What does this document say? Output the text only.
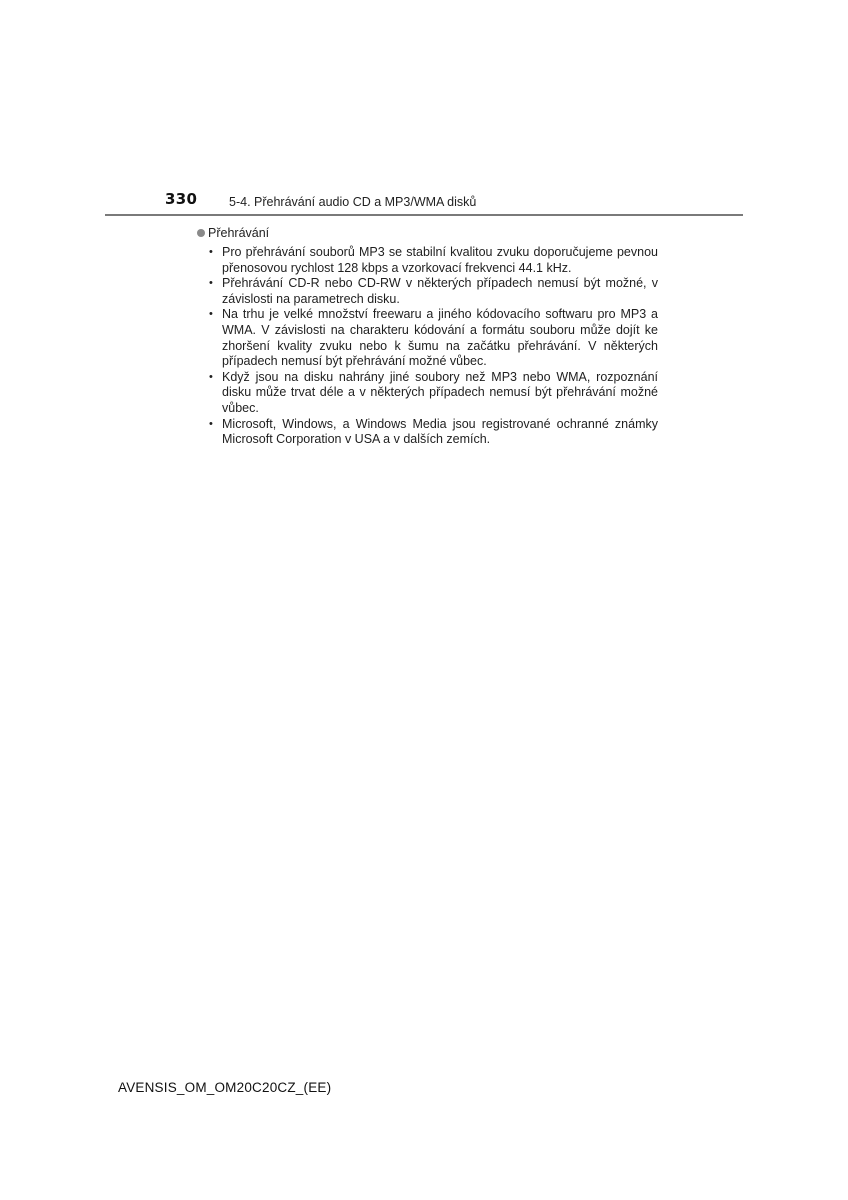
330	5-4. Přehrávání audio CD a MP3/WMA disků
Přehrávání
• Pro přehrávání souborů MP3 se stabilní kvalitou zvuku doporučujeme pevnou přenosovou rychlost 128 kbps a vzorkovací frekvenci 44.1 kHz.
• Přehrávání CD-R nebo CD-RW v některých případech nemusí být možné, v závislosti na parametrech disku.
• Na trhu je velké množství freewaru a jiného kódovacího softwaru pro MP3 a WMA. V závislosti na charakteru kódování a formátu souboru může dojít ke zhoršení kvality zvuku nebo k šumu na začátku přehrávání. V některých případech nemusí být přehrávání možné vůbec.
• Když jsou na disku nahrány jiné soubory než MP3 nebo WMA, rozpoznání disku může trvat déle a v některých případech nemusí být přehrávání možné vůbec.
• Microsoft, Windows, a Windows Media jsou registrované ochranné známky Microsoft Corporation v USA a v dalších zemích.
AVENSIS_OM_OM20C20CZ_(EE)
